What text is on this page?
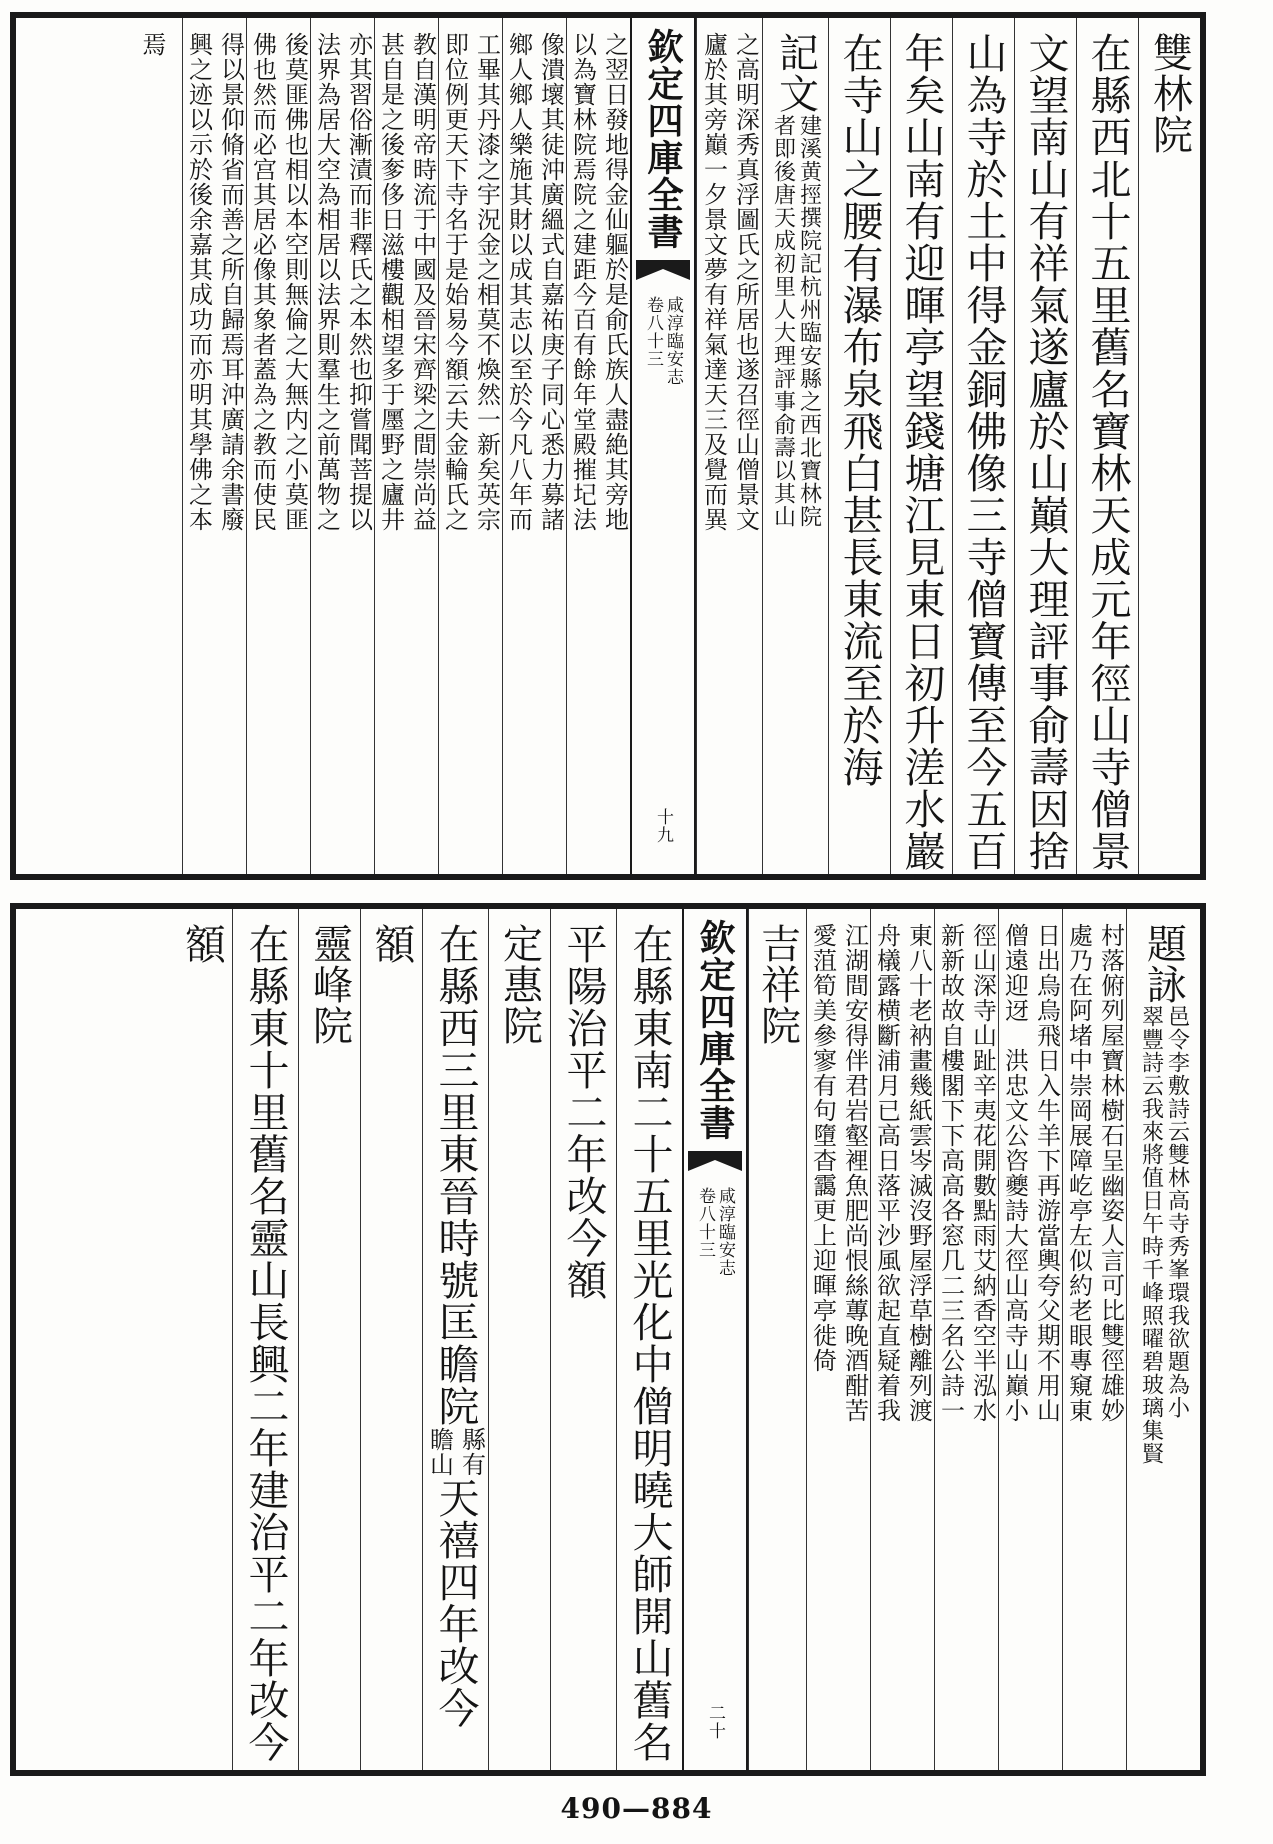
雙林院
在縣西北十五里舊名寶林天成元年徑山寺僧景
文望南山有祥氣遂廬於山巔大理評事俞壽因捨
山為寺於土中得金銅佛像三寺僧寶傳至今五百
年矣山南有迎暉亭望錢塘江見東日初升溠水巖
在寺山之腰有瀑布泉飛白甚長東流至於海
記文
建溪黄挳撰院記杭州臨安縣之西北寶林院
者即後唐天成初里人大理評事俞壽以其山
之高明深秀真浮圖氏之所居也遂召徑山僧景文
廬於其旁巔一夕景文夢有祥氣達天三及覺而異
欽定四庫全書
咸淳臨安志
卷八十三
十九
之翌日發地得金仙軀於是俞氏族人盡絶其旁地
以為寶林院焉院之建距今百有餘年堂殿摧圮法
像潰壞其徒沖廣縕式自嘉祐庚子同心悉力募諸
鄉人鄉人樂施其財以成其志以至於今凡八年而
工畢其丹漆之宇況金之相莫不煥然一新矣英宗
即位例更天下寺名于是始易今額云夫金輪氏之
教自漢明帝時流于中國及晉宋齊梁之間崇尚益
甚自是之後奓侈日滋樓觀相望多于㕓野之廬井
亦其習俗漸漬而非釋氏之本然也抑嘗聞菩提以
法界為居大空為相居以法界則羣生之前萬物之
後莫匪佛也相以本空則無倫之大無内之小莫匪
佛也然而必宫其居必像其象者蓋為之教而使民
得以景仰脩省而善之所自歸焉耳沖廣請余書廢
興之迹以示於後余嘉其成功而亦明其學佛之本
焉
題詠
邑令李敷詩云雙林高寺秀峯環我欲題為小
翠豐詩云我來將值日午時千峰照曜碧玻璃集賢
村落俯列屋寶林樹石呈幽姿人言可比雙徑雄妙
處乃在阿堵中崇岡展障屹亭左似約老眼專窺東
日出烏烏飛日入牛羊下再游當輿夸父期不用山
僧遠迎迓　洪忠文公咨夔詩大徑山高寺山巔小
徑山深寺山趾辛夷花開數點雨艾納香空半泓水
新新故故自樓閣下下高高各窓几二三名公詩一
東八十老衲畫幾紙雲岑滅沒野屋浮草樹離列渡
舟檥露横斷浦月已高日落平沙風欲起直疑着我
江湖間安得伴君岩壑裡魚肥尚恨絲蓴晚酒酣苦
愛菹筍美參寥有句墮杳靄更上迎暉亭徙倚
吉祥院
欽定四庫全書
咸淳臨安志
卷八十三
二十
在縣東南二十五里光化中僧明曉大師開山舊名
平陽治平二年改今額
定惠院
在縣西三里東晉時號匡瞻院
縣有
瞻山
天禧四年改今
額
靈峰院
在縣東十里舊名靈山長興二年建治平二年改今
額
490—884
